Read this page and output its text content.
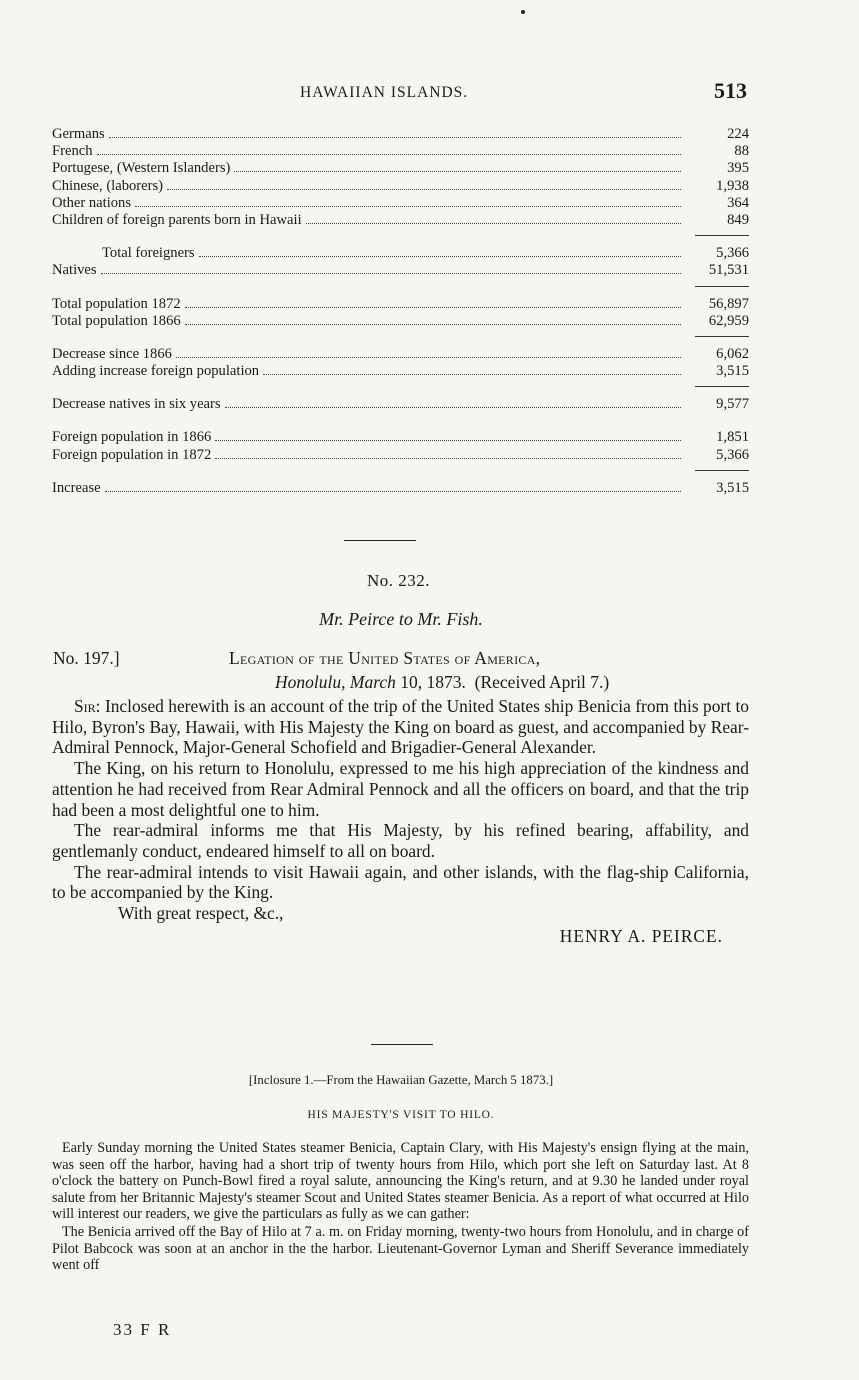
HAWAIIAN ISLANDS.	513
Germans	224
French	88
Portugese, (Western Islanders)	395
Chinese, (laborers)	1,938
Other nations	364
Children of foreign parents born in Hawaii	849
Total foreigners	5,366
Natives	51,531
Total population 1872	56,897
Total population 1866	62,959
Decrease since 1866	6,062
Adding increase foreign population	3,515
Decrease natives in six years	9,577
Foreign population in 1866	1,851
Foreign population in 1872	5,366
Increase	3,515
No. 232.
Mr. Peirce to Mr. Fish.
No. 197.]	Legation of the United States of America,
Honolulu, March 10, 1873. (Received April 7.)

Sir: Inclosed herewith is an account of the trip of the United States ship Benicia from this port to Hilo, Byron's Bay, Hawaii, with His Majesty the King on board as guest, and accompanied by Rear-Admiral Pennock, Major-General Schofield and Brigadier-General Alexander.

The King, on his return to Honolulu, expressed to me his high appreciation of the kindness and attention he had received from Rear Admiral Pennock and all the officers on board, and that the trip had been a most delightful one to him.

The rear-admiral informs me that His Majesty, by his refined bearing, affability, and gentlemanly conduct, endeared himself to all on board.

The rear-admiral intends to visit Hawaii again, and other islands, with the flag-ship California, to be accompanied by the King.

With great respect, &c.,

HENRY A. PEIRCE.
[Inclosure 1.—From the Hawaiian Gazette, March 5 1873.]
HIS MAJESTY'S VISIT TO HILO.

Early Sunday morning the United States steamer Benicia, Captain Clary, with His Majesty's ensign flying at the main, was seen off the harbor, having had a short trip of twenty hours from Hilo, which port she left on Saturday last. At 8 o'clock the battery on Punch-Bowl fired a royal salute, announcing the King's return, and at 9.30 he landed under royal salute from her Britannic Majesty's steamer Scout and United States steamer Benicia. As a report of what occurred at Hilo will interest our readers, we give the particulars as fully as we can gather:

The Benicia arrived off the Bay of Hilo at 7 a. m. on Friday morning, twenty-two hours from Honolulu, and in charge of Pilot Babcock was soon at an anchor in the the harbor. Lieutenant-Governor Lyman and Sheriff Severance immediately went off

33 F R
